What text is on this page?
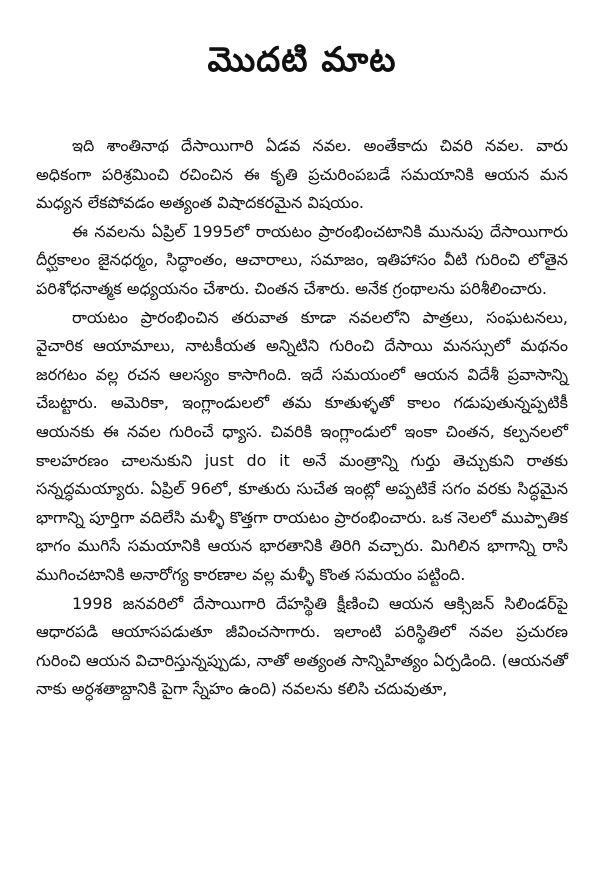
మొదటి మాట

ఇది శాంతినాథ దేసాయిగారి ఏడవ నవల. అంతేకాదు చివరి నవల. వారు అధికంగా పరిశ్రమించి రచించిన ఈ కృతి ప్రచురింపబడే సమయానికి ఆయన మన మధ్యన లేకపోవడం అత్యంత విషాదకరమైన విషయం.

ఈ నవలను ఏప్రిల్ 1995లో రాయటం ప్రారంభించటానికి మునుపు దేసాయిగారు దీర్ఘకాలం జైనధర్మం, సిద్ధాంతం, ఆచారాలు, సమాజం, ఇతిహాసం వీటి గురించి లోతైన పరిశోధనాత్మక అధ్యయనం చేశారు. చింతన చేశారు. అనేక గ్రంథాలను పరిశీలించారు.

రాయటం ప్రారంభించిన తరువాత కూడా నవలలోని పాత్రలు, సంఘటనలు, వైచారిక ఆయామాలు, నాటకీయత అన్నిటిని గురించి దేసాయి మనస్సులో మథనం జరగటం వల్ల రచన ఆలస్యం కాసాగింది. ఇదే సమయంలో ఆయన విదేశీ ప్రవాసాన్ని చేబట్టారు. అమెరికా, ఇంగ్లాండులలో తమ కూతుళ్ళతో కాలం గడుపుతున్నప్పటికీ ఆయనకు ఈ నవల గురించే ధ్యాస. చివరికి ఇంగ్లాండులో ఇంకా చింతన, కల్పనలలో కాలహరణం చాలనుకుని just do it అనే మంత్రాన్ని గుర్తు తెచ్చుకుని రాతకు సన్నద్ధమయ్యారు. ఏప్రిల్ 96లో, కూతురు సుచేత ఇంట్లో అప్పటికే సగం వరకు సిద్ధమైన భాగాన్ని పూర్తిగా వదిలేసి మళ్ళీ కొత్తగా రాయటం ప్రారంభించారు. ఒక నెలలో ముప్పాతిక భాగం ముగిసే సమయానికి ఆయన భారతానికి తిరిగి వచ్చారు. మిగిలిన భాగాన్ని రాసి ముగించటానికి అనారోగ్య కారణాల వల్ల మళ్ళీ కొంత సమయం పట్టింది.

1998 జనవరిలో దేసాయిగారి దేహస్థితి క్షీణించి ఆయన ఆక్సిజన్ సిలిండర్‌పై ఆధారపడి ఆయాసపడుతూ జీవించసాగారు. ఇలాంటి పరిస్థితిలో నవల ప్రచురణ గురించి ఆయన విచారిస్తున్నప్పుడు, నాతో అత్యంత సాన్నిహిత్యం ఏర్పడింది. (ఆయనతో నాకు అర్ధశతాబ్దానికి పైగా స్నేహం ఉంది) నవలను కలిసి చదువుతూ,
